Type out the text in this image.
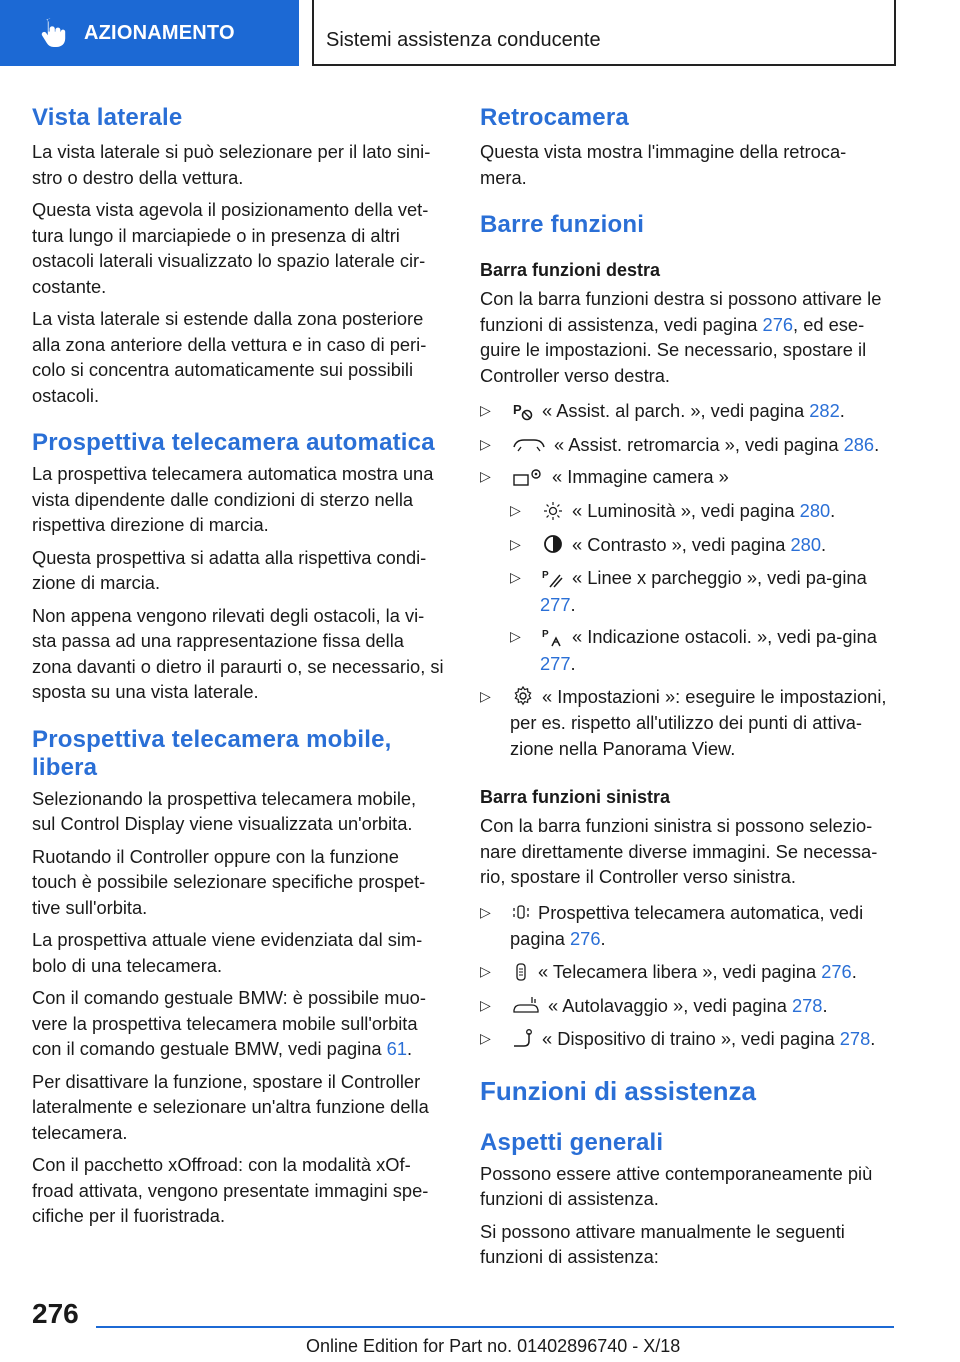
AZIONAMENTO	Sistemi assistenza conducente
Vista laterale

La vista laterale si può selezionare per il lato sini-stro o destro della vettura.

Questa vista agevola il posizionamento della vet-tura lungo il marciapiede o in presenza di altri ostacoli laterali visualizzato lo spazio laterale cir-costante.

La vista laterale si estende dalla zona posteriore alla zona anteriore della vettura e in caso di peri-colo si concentra automaticamente sui possibili ostacoli.

Prospettiva telecamera automatica

La prospettiva telecamera automatica mostra una vista dipendente dalle condizioni di sterzo nella rispettiva direzione di marcia.

Questa prospettiva si adatta alla rispettiva condi-zione di marcia.

Non appena vengono rilevati degli ostacoli, la vi-sta passa ad una rappresentazione fissa della zona davanti o dietro il paraurti o, se necessario, si sposta su una vista laterale.

Prospettiva telecamera mobile, libera

Selezionando la prospettiva telecamera mobile, sul Control Display viene visualizzata un'orbita.

Ruotando il Controller oppure con la funzione touch è possibile selezionare specifiche prospet-tive sull'orbita.

La prospettiva attuale viene evidenziata dal sim-bolo di una telecamera.

Con il comando gestuale BMW: è possibile muo-vere la prospettiva telecamera mobile sull'orbita con il comando gestuale BMW, vedi pagina 61.

Per disattivare la funzione, spostare il Controller lateralmente e selezionare un'altra funzione della telecamera.

Con il pacchetto xOffroad: con la modalità xOf-froad attivata, vengono presentate immagini spe-cifiche per il fuoristrada.

Retrocamera

Questa vista mostra l'immagine della retroca-mera.

Barre funzioni
Barra funzioni destra

Con la barra funzioni destra si possono attivare le funzioni di assistenza, vedi pagina 276, ed ese-guire le impostazioni. Se necessario, spostare il Controller verso destra.

▷	P « Assist. al parch. », vedi pagina 282.
▷	« Assist. retromarcia », vedi pagina 286.
▷	« Immagine camera »
▷	« Luminosità », vedi pagina 280.
▷	« Contrasto », vedi pagina 280.
▷	P « Linee x parcheggio », vedi pa-gina 277.
▷	P « Indicazione ostacoli. », vedi pa-gina 277.
▷	« Impostazioni »: eseguire le impostazioni, per es. rispetto all'utilizzo dei punti di attiva-zione nella Panorama View.
Barra funzioni sinistra

Con la barra funzioni sinistra si possono selezio-nare direttamente diverse immagini. Se necessa-rio, spostare il Controller verso sinistra.

▷	Prospettiva telecamera automatica, vedi pagina 276.
▷	« Telecamera libera », vedi pagina 276.
▷	« Autolavaggio », vedi pagina 278.
▷	« Dispositivo di traino », vedi pagina 278.
Funzioni di assistenza
Aspetti generali

Possono essere attive contemporaneamente più funzioni di assistenza.

Si possono attivare manualmente le seguenti funzioni di assistenza:

276
Online Edition for Part no. 01402896740 - X/18
